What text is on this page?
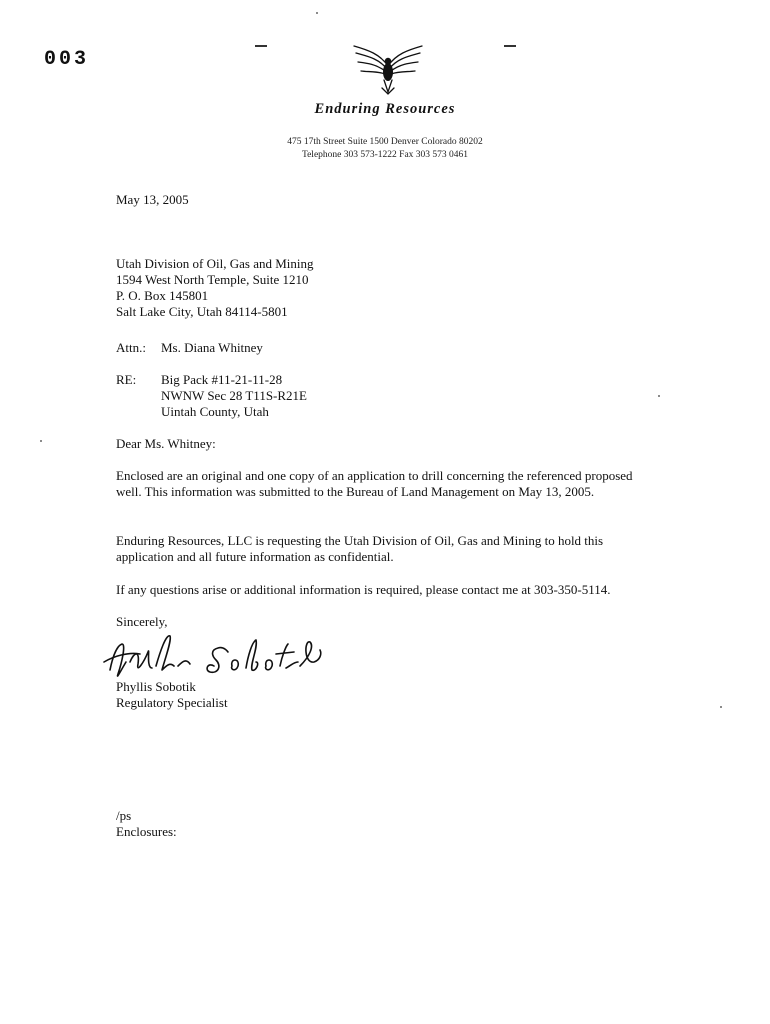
003
Enduring Resources
475 17th Street Suite 1500 Denver Colorado 80202
Telephone 303 573-1222 Fax 303 573 0461
May 13, 2005
Utah Division of Oil, Gas and Mining
1594 West North Temple, Suite 1210
P. O. Box 145801
Salt Lake City, Utah 84114-5801
Attn.: Ms. Diana Whitney
RE: Big Pack #11-21-11-28
NWNW Sec 28 T11S-R21E
Uintah County, Utah
Dear Ms. Whitney:
Enclosed are an original and one copy of an application to drill concerning the referenced proposed well. This information was submitted to the Bureau of Land Management on May 13, 2005.
Enduring Resources, LLC is requesting the Utah Division of Oil, Gas and Mining to hold this application and all future information as confidential.
If any questions arise or additional information is required, please contact me at 303-350-5114.
Sincerely,
Phyllis Sobotik
Regulatory Specialist
/ps
Enclosures:
